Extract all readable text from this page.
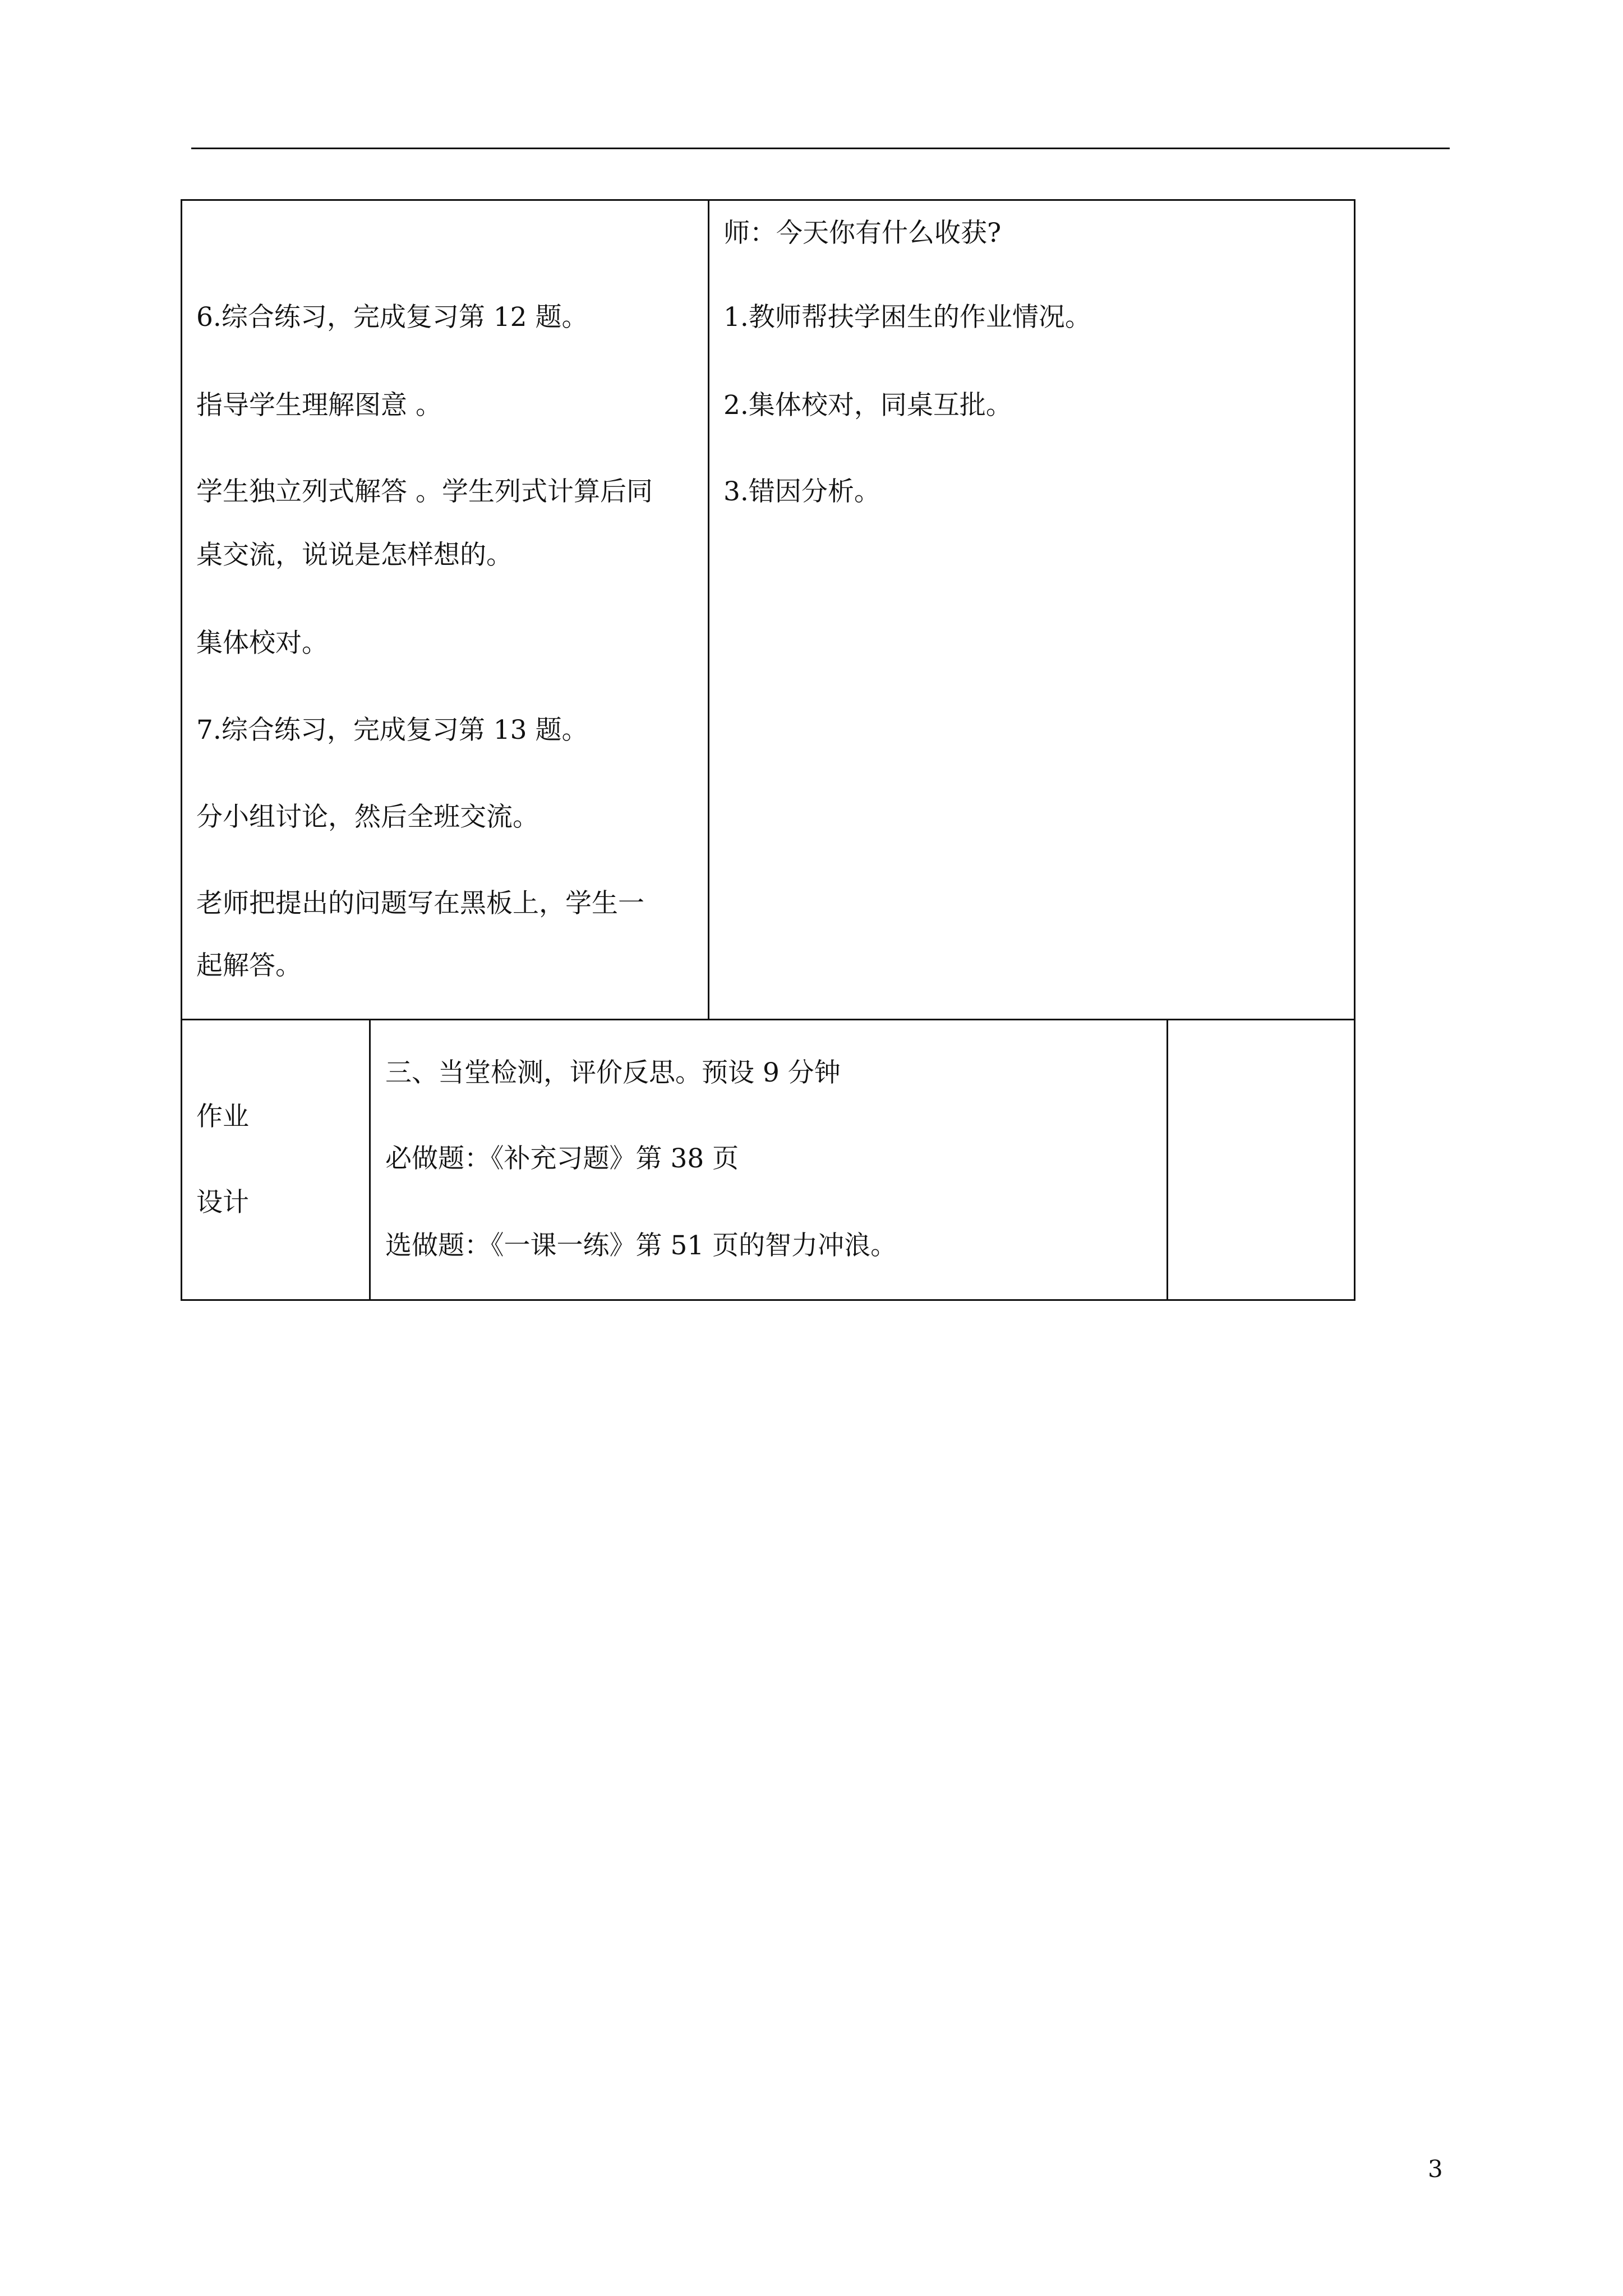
6.综合练习，完成复习第 12 题。
指导学生理解图意 。
学生独立列式解答 。学生列式计算后同
桌交流，说说是怎样想的。
集体校对。
7.综合练习，完成复习第 13 题。
分小组讨论，然后全班交流。
老师把提出的问题写在黑板上，学生一
起解答。
师：今天你有什么收获?
1.教师帮扶学困生的作业情况。
2.集体校对，同桌互批。
3.错因分析。
作业
设计
三、当堂检测，评价反思。预设 9 分钟
必做题：《补充习题》第 38 页
选做题：《一课一练》第 51 页的智力冲浪。
3
